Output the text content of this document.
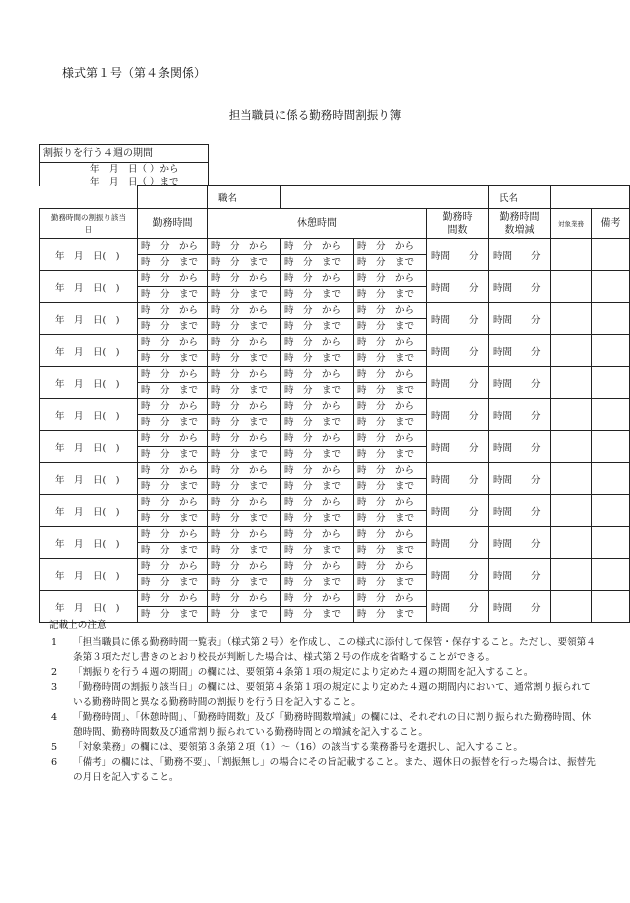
様式第１号（第４条関係）
担当職員に係る勤務時間割振り簿
割振りを行う４週の期間
年　月　日（ ）から
年　月　日（ ）まで
		職名				氏名		
勤務時間の割振り該当日	勤務時間	休憩時間			勤務時間数	勤務時間数増減	対象業務	備考
年　月　日(　)	時　分　から	時　分　から	時　分　から	時　分　から	時間　　分	時間　　分		
	時　分　まで	時　分　まで	時　分　まで	時　分　まで				
年　月　日(　)	時　分　から	時　分　から	時　分　から	時　分　から	時間　　分	時間　　分		
	時　分　まで	時　分　まで	時　分　まで	時　分　まで				
年　月　日(　)	時　分　から	時　分　から	時　分　から	時　分　から	時間　　分	時間　　分		
	時　分　まで	時　分　まで	時　分　まで	時　分　まで				
年　月　日(　)	時　分　から	時　分　から	時　分　から	時　分　から	時間　　分	時間　　分		
	時　分　まで	時　分　まで	時　分　まで	時　分　まで				
年　月　日(　)	時　分　から	時　分　から	時　分　から	時　分　から	時間　　分	時間　　分		
	時　分　まで	時　分　まで	時　分　まで	時　分　まで				
年　月　日(　)	時　分　から	時　分　から	時　分　から	時　分　から	時間　　分	時間　　分		
	時　分　まで	時　分　まで	時　分　まで	時　分　まで				
年　月　日(　)	時　分　から	時　分　から	時　分　から	時　分　から	時間　　分	時間　　分		
	時　分　まで	時　分　まで	時　分　まで	時　分　まで				
年　月　日(　)	時　分　から	時　分　から	時　分　から	時　分　から	時間　　分	時間　　分		
	時　分　まで	時　分　まで	時　分　まで	時　分　まで				
年　月　日(　)	時　分　から	時　分　から	時　分　から	時　分　から	時間　　分	時間　　分		
	時　分　まで	時　分　まで	時　分　まで	時　分　まで				
年　月　日(　)	時　分　から	時　分　から	時　分　から	時　分　から	時間　　分	時間　　分		
	時　分　まで	時　分　まで	時　分　まで	時　分　まで				
年　月　日(　)	時　分　から	時　分　から	時　分　から	時　分　から	時間　　分	時間　　分		
	時　分　まで	時　分　まで	時　分　まで	時　分　まで				
年　月　日(　)	時　分　から	時　分　から	時　分　から	時　分　から	時間　　分	時間　　分		
	時　分　まで	時　分　まで	時　分　まで	時　分　まで				
記載上の注意
1	「担当職員に係る勤務時間一覧表」（様式第２号）を作成し、この様式に添付して保管・保存すること。ただし、要領第４条第３項ただし書きのとおり校長が判断した場合は、様式第２号の作成を省略することができる。
2	「割振りを行う４週の期間」の欄には、要領第４条第１項の規定により定めた４週の期間を記入すること。
3	「勤務時間の割振り該当日」の欄には、要領第４条第１項の規定により定めた４週の期間内において、通常割り振られている勤務時間と異なる勤務時間の割振りを行う日を記入すること。
4	「勤務時間」、「休憩時間」、「勤務時間数」及び「勤務時間数増減」の欄には、それぞれの日に割り振られた勤務時間、休憩時間、勤務時間数及び通常割り振られている勤務時間との増減を記入すること。
5	「対象業務」の欄には、要領第３条第２項（1）～（16）の該当する業務番号を選択し、記入すること。
6	「備考」の欄には、「勤務不要」、「割振無し」の場合にその旨記載すること。また、週休日の振替を行った場合は、振替先の月日を記入すること。
